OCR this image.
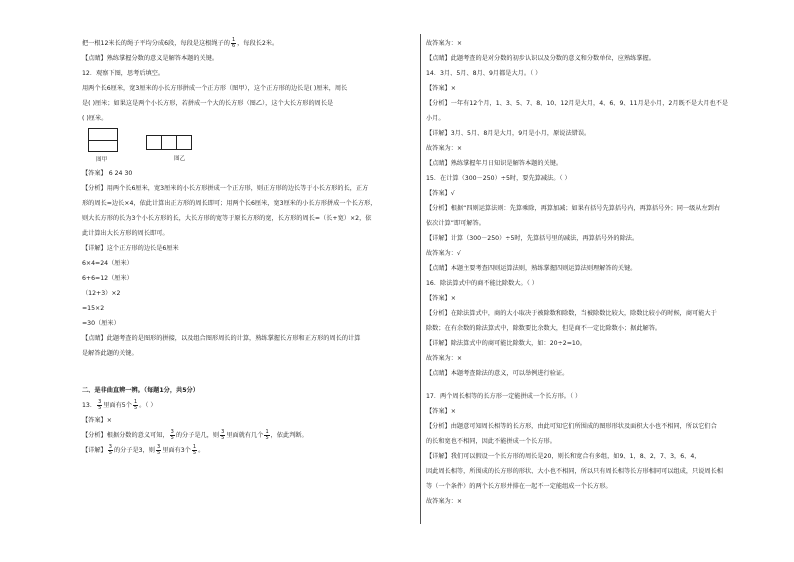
把一根12米长的绳子平均分成6段，每段是这根绳子的 $\frac{1}{6}$ ，每段长2米。
【点睛】熟练掌握分数的意义是解答本题的关键。
12．观察下图，思考后填空。
用两个长6厘米，宽3厘米的小长方形拼成一个正方形（图甲），这个正方形的边长是( )厘米，周长
是( )厘米；如果这是两个小长方形，若拼成一个大的长方形（图乙），这个大长方形的周长是
( )厘米。
图甲	图乙
【答案】 6 24 30
【分析】用两个长6厘米，宽3厘米的小长方形拼成一个正方形，则正方形的边长等于小长方形的长，正方
形的周长=边长×4，依此计算出正方形的周长即可；用两个长6厘米，宽3厘米的小长方形拼成一个长方形，
则大长方形的长为3个小长方形的长，大长方形的宽等于原长方形的宽，长方形的周长=（长+宽）×2，依
此计算出大长方形的周长即可。
【详解】这个正方形的边长是6厘米
6×4=24（厘米）
6+6=12（厘米）
（12+3）×2
=15×2
=30（厘米）
【点睛】此题考查的是图形的拼接，以及组合图形周长的计算，熟练掌握长方形和正方形的周长的计算
是解答此题的关键。
二、是非曲直辨一辨。（每题1分，共5分）
13． $\frac{3}{5}$ 里面有5个 $\frac{1}{5}$ 。（ ）
【答案】×
【分析】根据分数的意义可知， $\frac{3}{5}$ 的分子是几，则 $\frac{3}{5}$ 里面就有几个 $\frac{1}{5}$ ，依此判断。
【详解】 $\frac{3}{5}$ 的分子是3，则 $\frac{3}{5}$ 里面有3个 $\frac{1}{5}$ 。
故答案为：×
【点睛】此题考查的是对分数的初步认识以及分数的意义和分数单位，应熟练掌握。
14．3月、5月、8月、9月都是大月。（ ）
【答案】×
【分析】一年有12个月，1、3、5、7、8、10、12月是大月，4、6、9、11月是小月，2月既不是大月也不是
小月。
【详解】3月、5月、8月是大月，9月是小月，原说法错误。
故答案为：×
【点睛】熟练掌握年月日知识是解答本题的关键。
15．在计算（300－250）÷5时，要先算减法。（ ）
【答案】√
【分析】根据“四则运算法则：先算乘除，再算加减；如果有括号先算括号内，再算括号外；同一级从左到右
依次计算”即可解答。
【详解】计算（300－250）÷5时，先算括号里的减法，再算括号外的除法。
故答案为：√
【点睛】本题主要考查四则运算法则，熟练掌握四则运算法则理解答的关键。
16．除法算式中的商不能比除数大。（ ）
【答案】×
【分析】在除法算式中，商的大小取决于被除数和除数，当被除数比较大，除数比较小的时候，商可能大于
除数；在有余数的除法算式中，除数要比余数大，但是商不一定比除数小；据此解答。
【详解】除法算式中的商可能比除数大，如：20÷2=10。
故答案为：×
【点睛】本题考查除法的意义，可以举例进行验证。
17．两个周长相等的长方形一定能拼成一个长方形。（ ）
【答案】×
【分析】由题意可知周长相等的长方形，由此可知它们所围成的图形形状及面积大小也不相同，所以它们合
的长和宽也不相同，因此不能拼成一个长方形。
【详解】我们可以假设一个长方形的周长是20，则长和宽合有多组，如9、1，8、2，7、3，6、4，
因此周长相等，所围成的长方形的形状、大小也不相同，所以只有周长相等长方形相同可以组成，只说周长相
等（一个条件）的两个长方形并排在一起不一定能组成一个长方形。
故答案为：×
